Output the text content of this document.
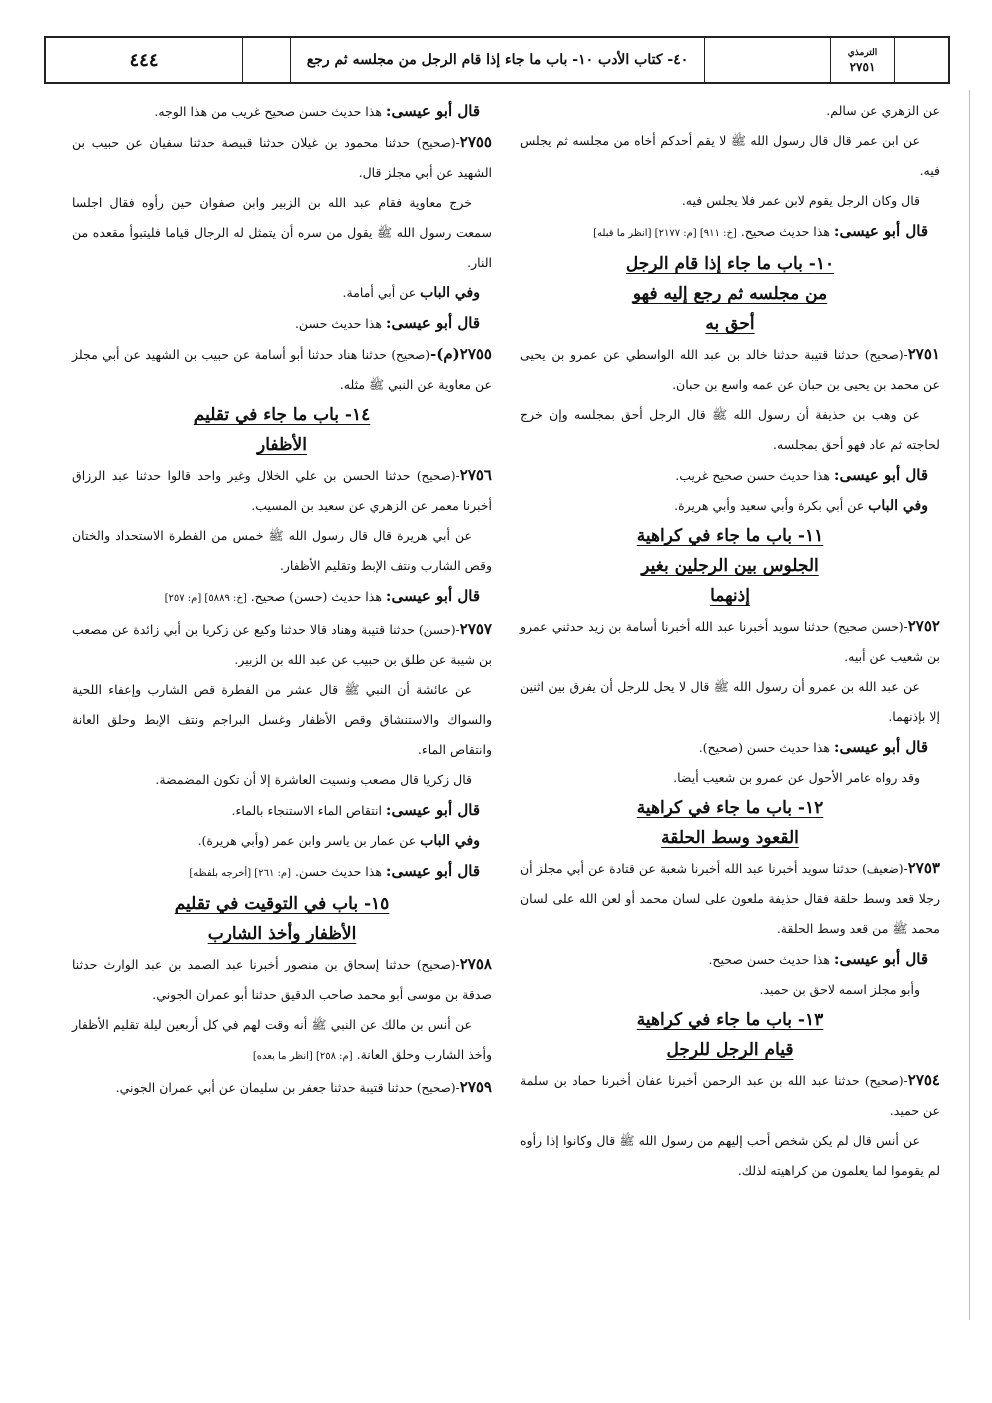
٤٤٤	٤٠- كتاب الأدب ١٠- باب ما جاء إذا قام الرجل من مجلسه ثم رجع	الترمذي
٢٧٥١

عن الزهري عن سالم.

عن ابن عمر قال قال رسول الله ﷺ لا يقم أحدكم أخاه من مجلسه ثم يجلس فيه.

قال وكان الرجل يقوم لابن عمر فلا يجلس فيه.

قال أبو عيسى: هذا حديث صحيح. [خ: ٩١١] [م: ٢١٧٧] [انظر ما قبله]

١٠- باب ما جاء إذا قام الرجل
من مجلسه ثم رجع إليه فهو
أحق به

٢٧٥١-(صحيح) حدثنا قتيبة حدثنا خالد بن عبد الله الواسطي عن عمرو بن يحيى عن محمد بن يحيى بن حبان عن عمه واسع بن حبان.

عن وهب بن حذيفة أن رسول الله ﷺ قال الرجل أحق بمجلسه وإن خرج لحاجته ثم عاد فهو أحق بمجلسه.

قال أبو عيسى: هذا حديث حسن صحيح غريب.

وفي الباب عن أبي بكرة وأبي سعيد وأبي هريرة.

١١- باب ما جاء في كراهية
الجلوس بين الرجلين بغير
إذنهما

٢٧٥٢-(حسن صحيح) حدثنا سويد أخبرنا عبد الله أخبرنا أسامة بن زيد حدثني عمرو بن شعيب عن أبيه.

عن عبد الله بن عمرو أن رسول الله ﷺ قال لا يحل للرجل أن يفرق بين اثنين إلا بإذنهما.

قال أبو عيسى: هذا حديث حسن (صحيح).

وقد رواه عامر الأحول عن عمرو بن شعيب أيضا.

١٢- باب ما جاء في كراهية
القعود وسط الحلقة

٢٧٥٣-(ضعيف) حدثنا سويد أخبرنا عبد الله أخبرنا شعبة عن قتادة عن أبي مجلز أن رجلا قعد وسط حلقة فقال حذيفة ملعون على لسان محمد أو لعن الله على لسان محمد ﷺ من قعد وسط الحلقة.

قال أبو عيسى: هذا حديث حسن صحيح.

وأبو مجلز اسمه لاحق بن حميد.

١٣- باب ما جاء في كراهية
قيام الرجل للرجل

٢٧٥٤-(صحيح) حدثنا عبد الله بن عبد الرحمن أخبرنا عفان أخبرنا حماد بن سلمة عن حميد.

عن أنس قال لم يكن شخص أحب إليهم من رسول الله ﷺ قال وكانوا إذا رأوه لم يقوموا لما يعلمون من كراهيته لذلك.

قال أبو عيسى: هذا حديث حسن صحيح غريب من هذا الوجه.

٢٧٥٥-(صحيح) حدثنا محمود بن غيلان حدثنا قبيصة حدثنا سفيان عن حبيب بن الشهيد عن أبي مجلز قال.

خرج معاوية فقام عبد الله بن الزبير وابن صفوان حين رأوه فقال اجلسا سمعت رسول الله ﷺ يقول من سره أن يتمثل له الرجال قياما فليتبوأ مقعده من النار.

وفي الباب عن أبي أمامة.

قال أبو عيسى: هذا حديث حسن.

٢٧٥٥(م)-(صحيح) حدثنا هناد حدثنا أبو أسامة عن حبيب بن الشهيد عن أبي مجلز عن معاوية عن النبي ﷺ مثله.

١٤- باب ما جاء في تقليم
الأظفار

٢٧٥٦-(صحيح) حدثنا الحسن بن علي الخلال وغير واحد قالوا حدثنا عبد الرزاق أخبرنا معمر عن الزهري عن سعيد بن المسيب.

عن أبي هريرة قال قال رسول الله ﷺ خمس من الفطرة الاستحداد والختان وقص الشارب ونتف الإبط وتقليم الأظفار.

قال أبو عيسى: هذا حديث (حسن) صحيح. [خ: ٥٨٨٩] [م: ٢٥٧]

٢٧٥٧-(حسن) حدثنا قتيبة وهناد قالا حدثنا وكيع عن زكريا بن أبي زائدة عن مصعب بن شيبة عن طلق بن حبيب عن عبد الله بن الزبير.

عن عائشة أن النبي ﷺ قال عشر من الفطرة قص الشارب وإعفاء اللحية والسواك والاستنشاق وقص الأظفار وغسل البراجم ونتف الإبط وحلق العانة وانتقاص الماء.

قال زكريا قال مصعب ونسيت العاشرة إلا أن تكون المضمضة.

قال أبو عيسى: انتقاص الماء الاستنجاء بالماء.

وفي الباب عن عمار بن ياسر وابن عمر (وأبي هريرة).

قال أبو عيسى: هذا حديث حسن. [م: ٢٦١] [أخرجه بلفظه]

١٥- باب في التوقيت في تقليم
الأظفار وأخذ الشارب

٢٧٥٨-(صحيح) حدثنا إسحاق بن منصور أخبرنا عبد الصمد بن عبد الوارث حدثنا صدقة بن موسى أبو محمد صاحب الدقيق حدثنا أبو عمران الجوني.

عن أنس بن مالك عن النبي ﷺ أنه وقت لهم في كل أربعين ليلة تقليم الأظفار وأخذ الشارب وحلق العانة. [م: ٢٥٨] [انظر ما بعده]

٢٧٥٩-(صحيح) حدثنا قتيبة حدثنا جعفر بن سليمان عن أبي عمران الجوني.
